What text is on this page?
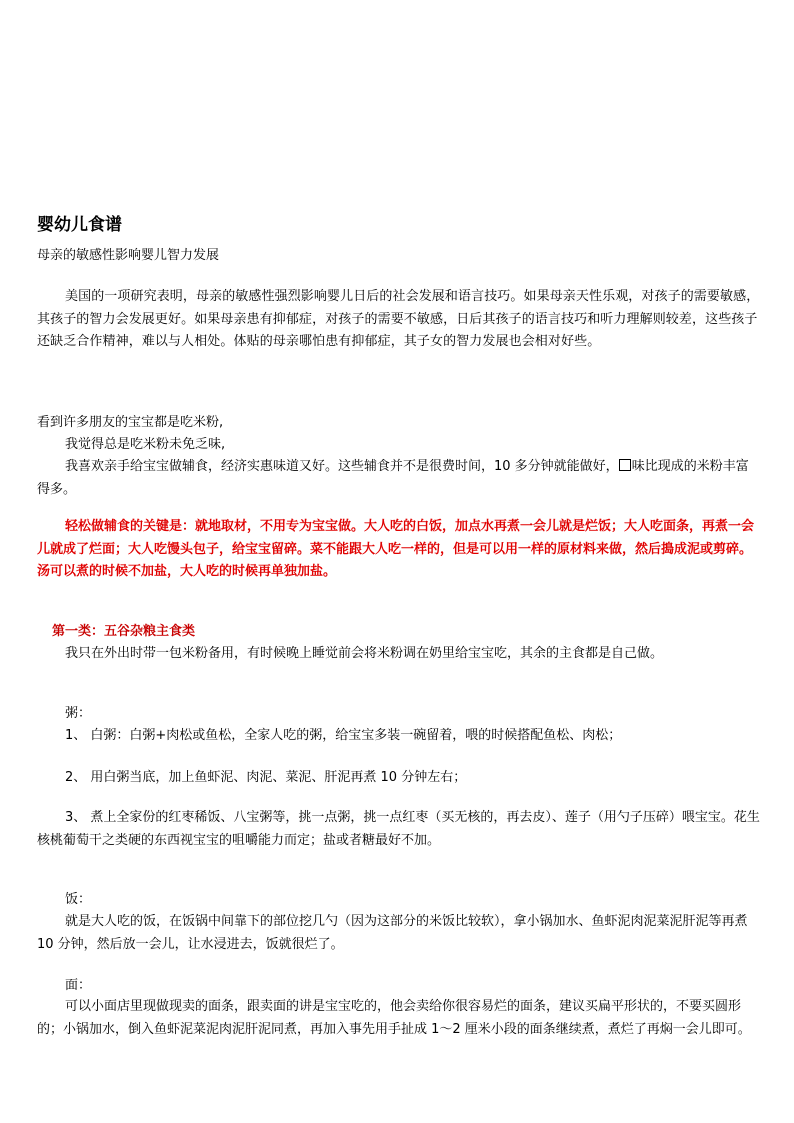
婴幼儿食谱

母亲的敏感性影响婴儿智力发展

美国的一项研究表明，母亲的敏感性强烈影响婴儿日后的社会发展和语言技巧。如果母亲天性乐观，对孩子的需要敏感，其孩子的智力会发展更好。如果母亲患有抑郁症，对孩子的需要不敏感，日后其孩子的语言技巧和听力理解则较差，这些孩子还缺乏合作精神，难以与人相处。体贴的母亲哪怕患有抑郁症，其子女的智力发展也会相对好些。

看到许多朋友的宝宝都是吃米粉,

我觉得总是吃米粉未免乏味,

我喜欢亲手给宝宝做辅食，经济实惠味道又好。这些辅食并不是很费时间，10 多分钟就能做好， 味比现成的米粉丰富得多。

轻松做辅食的关键是：就地取材，不用专为宝宝做。大人吃的白饭，加点水再煮一会儿就是烂饭；大人吃面条，再煮一会儿就成了烂面；大人吃馒头包子，给宝宝留碎。菜不能跟大人吃一样的，但是可以用一样的原材料来做，然后搗成泥或剪碎。汤可以煮的时候不加盐，大人吃的时候再单独加盐。

第一类：五谷杂粮主食类

我只在外出时带一包米粉备用，有时候晚上睡觉前会将米粉调在奶里给宝宝吃，其余的主食都是自己做。

粥：

1、 白粥：白粥+肉松或鱼松，全家人吃的粥，给宝宝多装一碗留着，喂的时候搭配鱼松、肉松；

2、 用白粥当底，加上鱼虾泥、肉泥、菜泥、肝泥再煮 10 分钟左右；

3、 煮上全家份的红枣稀饭、八宝粥等，挑一点粥，挑一点红枣（买无核的，再去皮）、莲子（用勺子压碎）喂宝宝。花生核桃葡萄干之类硬的东西视宝宝的咀嚼能力而定；盐或者糖最好不加。

饭：

就是大人吃的饭，在饭锅中间靠下的部位挖几勺（因为这部分的米饭比较软），拿小锅加水、鱼虾泥肉泥菜泥肝泥等再煮 10 分钟，然后放一会儿，让水浸进去，饭就很烂了。

面：

可以小面店里现做现卖的面条，跟卖面的讲是宝宝吃的，他会卖给你很容易烂的面条，建议买扁平形状的，不要买圆形的；小锅加水，倒入鱼虾泥菜泥肉泥肝泥同煮，再加入事先用手扯成 1～2 厘米小段的面条继续煮，煮烂了再焖一会儿即可。
